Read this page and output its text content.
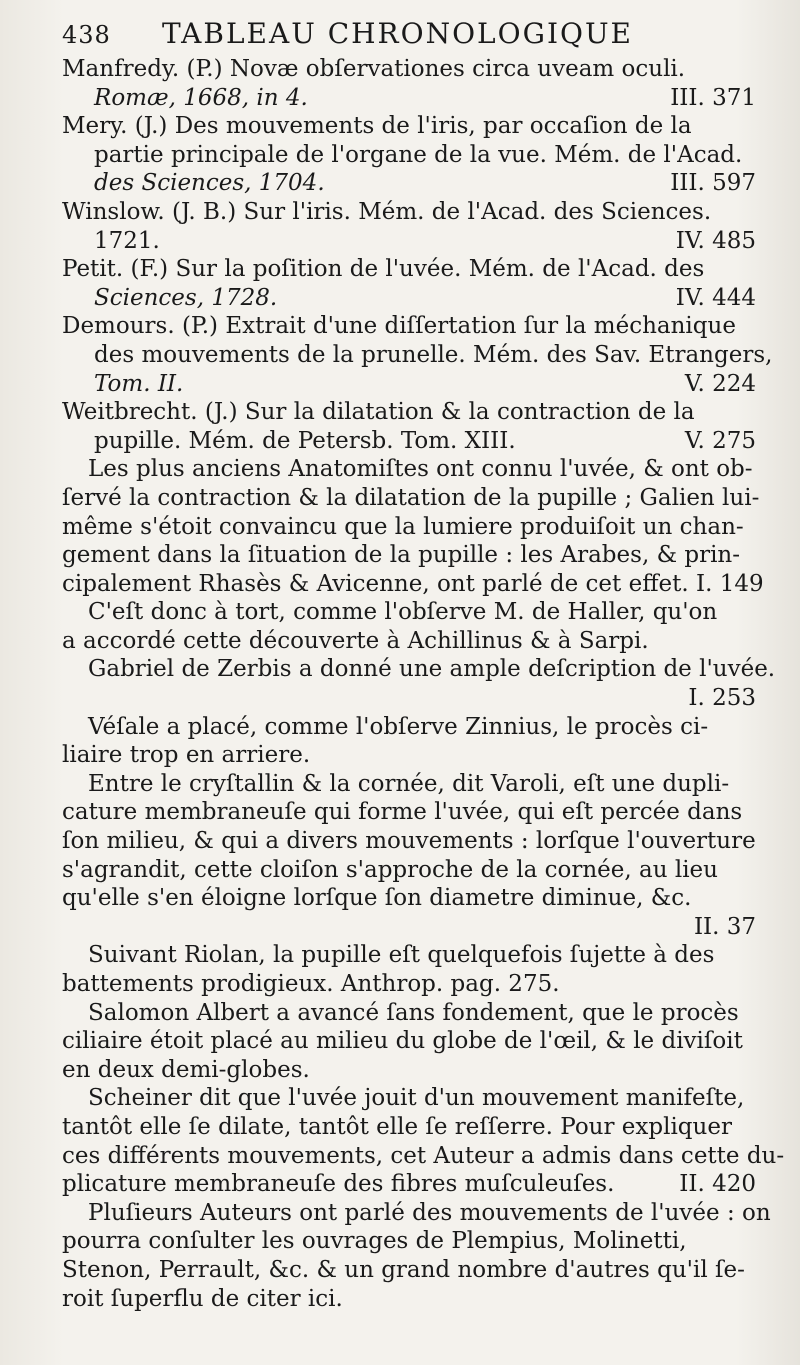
438	TABLEAU CHRONOLOGIQUE
Manfredy. (P.) Novæ obſervationes circa uveam oculi.
Romæ, 1668, in 4.	III. 371
Mery. (J.) Des mouvements de l'iris, par occaſion de la
partie principale de l'organe de la vue. Mém. de l'Acad.
des Sciences, 1704.	III. 597
Winslow. (J. B.) Sur l'iris. Mém. de l'Acad. des Sciences.
1721.	IV. 485
Petit. (F.) Sur la poſition de l'uvée. Mém. de l'Acad. des
Sciences, 1728.	IV. 444
Demours. (P.) Extrait d'une diſſertation ſur la méchanique
des mouvements de la prunelle. Mém. des Sav. Etrangers,
Tom. II.	V. 224
Weitbrecht. (J.) Sur la dilatation & la contraction de la
pupille. Mém. de Petersb. Tom. XIII.	V. 275
Les plus anciens Anatomiſtes ont connu l'uvée, & ont ob-
ſervé la contraction & la dilatation de la pupille ; Galien lui-
même s'étoit convaincu que la lumiere produiſoit un chan-
gement dans la ſituation de la pupille : les Arabes, & prin-
cipalement Rhasès & Avicenne, ont parlé de cet effet. I. 149
C'eſt donc à tort, comme l'obſerve M. de Haller, qu'on
a accordé cette découverte à Achillinus & à Sarpi.
Gabriel de Zerbis a donné une ample deſcription de l'uvée.
I. 253
Véſale a placé, comme l'obſerve Zinnius, le procès ci-
liaire trop en arriere.
Entre le cryſtallin & la cornée, dit Varoli, eſt une dupli-
cature membraneuſe qui forme l'uvée, qui eſt percée dans
ſon milieu, & qui a divers mouvements : lorſque l'ouverture
s'agrandit, cette cloiſon s'approche de la cornée, au lieu
qu'elle s'en éloigne lorſque ſon diametre diminue, &c.
II. 37
Suivant Riolan, la pupille eſt quelquefois ſujette à des
battements prodigieux. Anthrop. pag. 275.
Salomon Albert a avancé ſans fondement, que le procès
ciliaire étoit placé au milieu du globe de l'œil, & le diviſoit
en deux demi-globes.
Scheiner dit que l'uvée jouit d'un mouvement manifeſte,
tantôt elle ſe dilate, tantôt elle ſe reſſerre. Pour expliquer
ces différents mouvements, cet Auteur a admis dans cette du-
plicature membraneuſe des fibres muſculeuſes.	II. 420
Pluſieurs Auteurs ont parlé des mouvements de l'uvée : on
pourra conſulter les ouvrages de Plempius, Molinetti,
Stenon, Perrault, &c. & un grand nombre d'autres qu'il ſe-
roit ſuperflu de citer ici.
